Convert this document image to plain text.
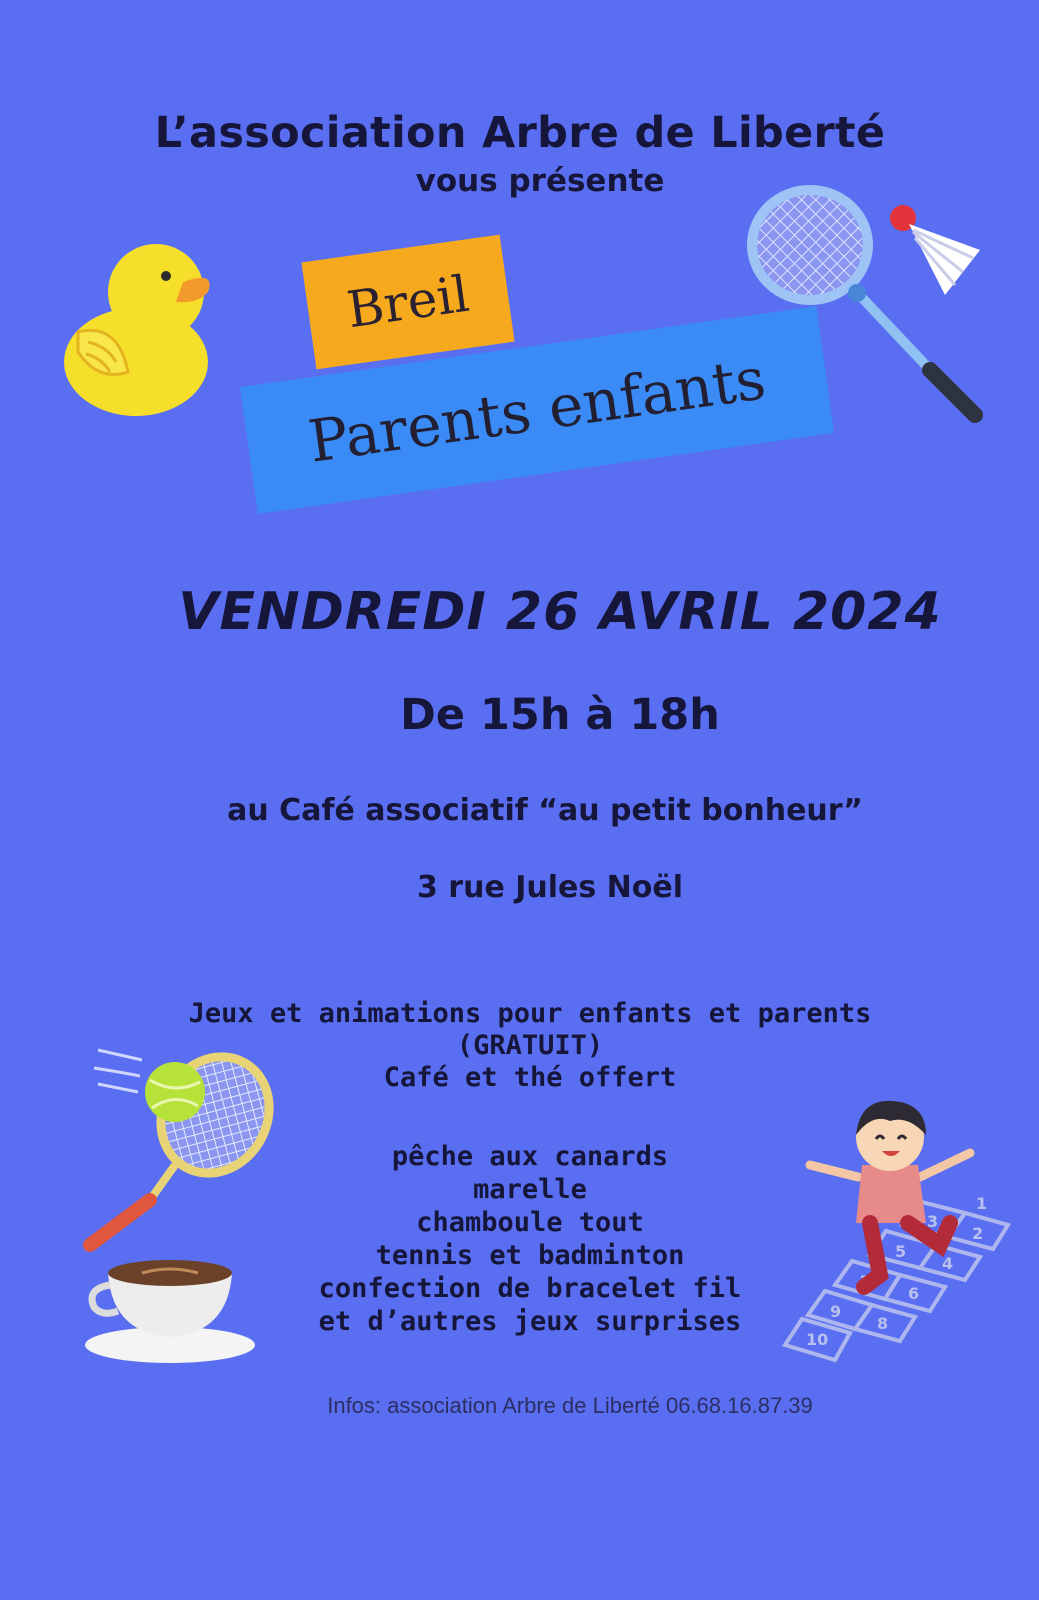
L’association Arbre de Liberté
vous présente
Breil
Parents enfants
VENDREDI 26 AVRIL 2024
De 15h à 18h
au Café associatif “au petit bonheur”
3 rue Jules Noël
Jeux et animations pour enfants et parents
(GRATUIT)
Café et thé offert
pêche aux canards
marelle
chamboule tout
tennis et badminton
confection de bracelet fil
et d’autres jeux surprises
10
9
8
7
6
5
4
3
2
1
Infos: association Arbre de Liberté 06.68.16.87.39
